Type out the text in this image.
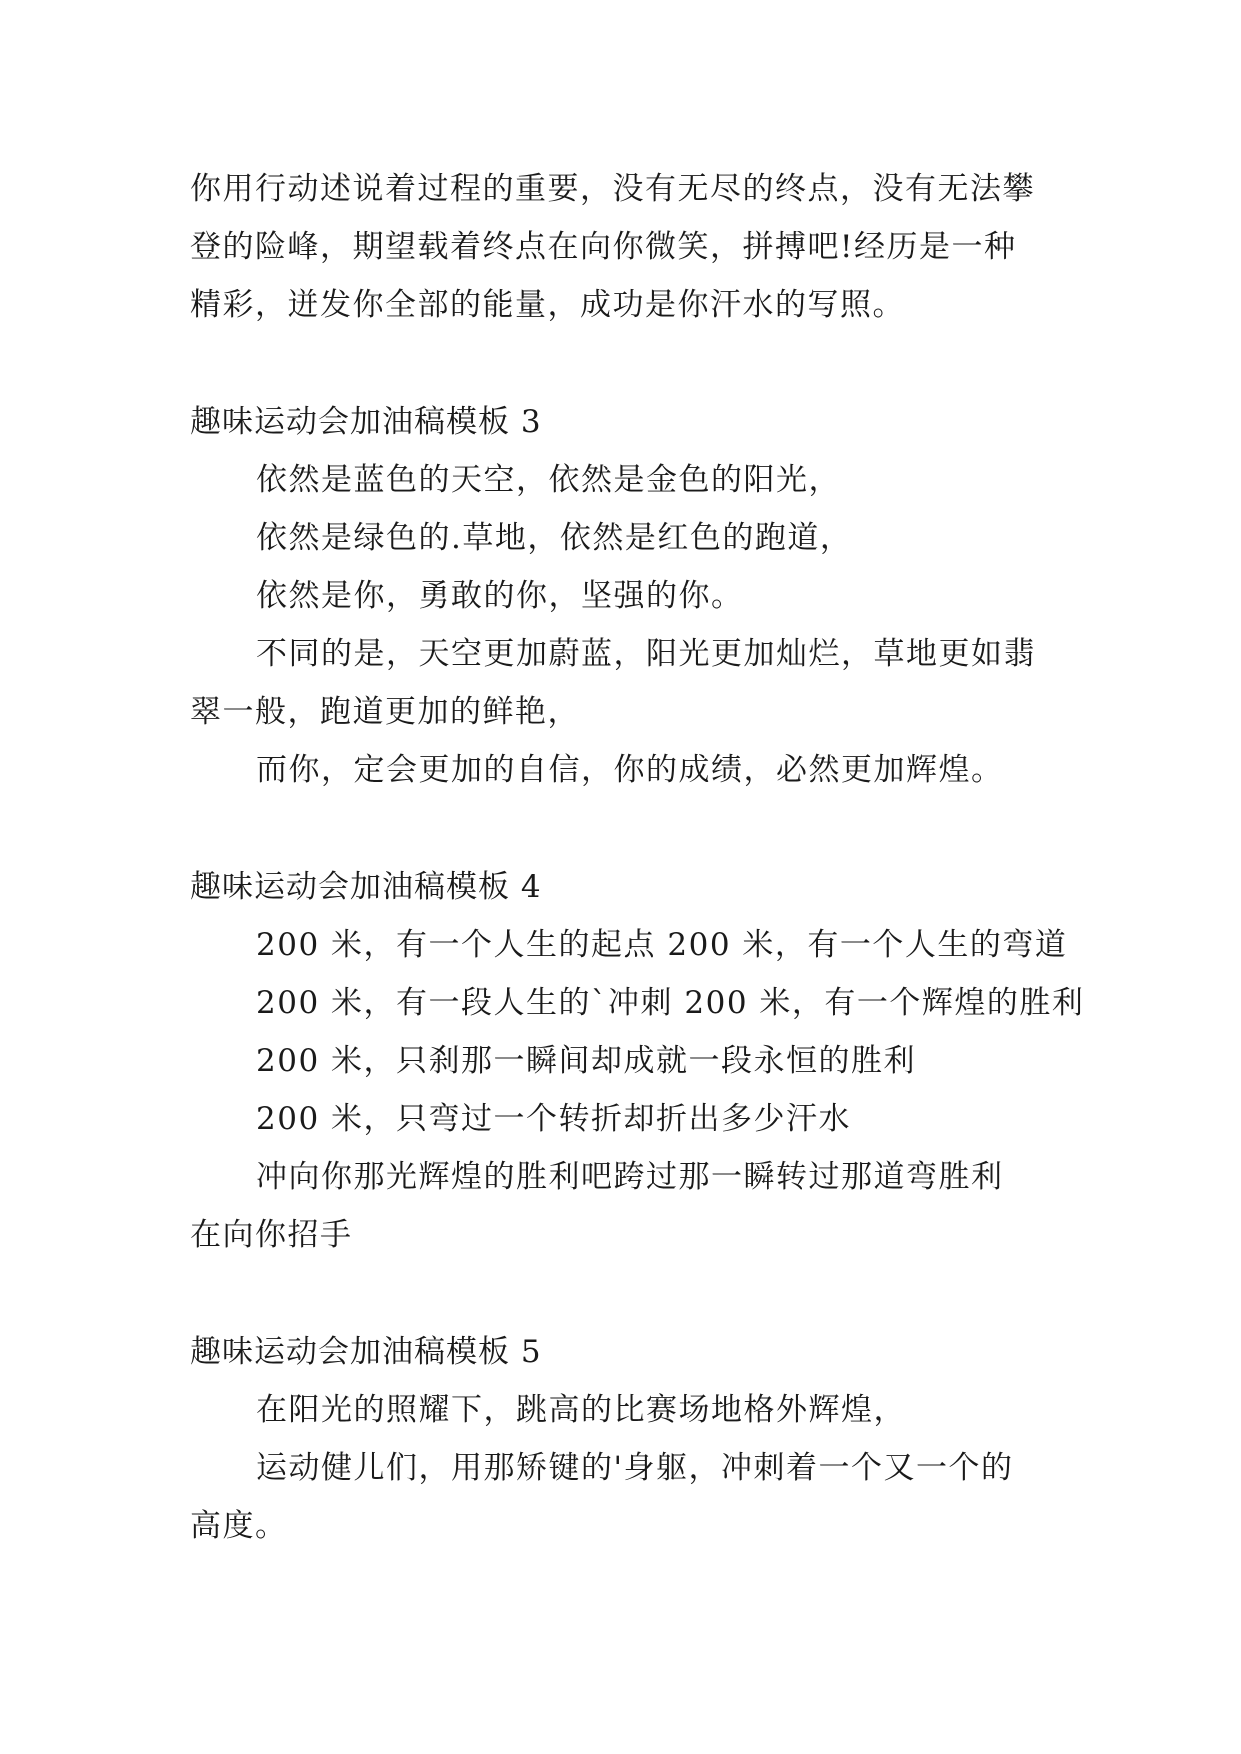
你用行动述说着过程的重要，没有无尽的终点，没有无法攀
登的险峰，期望载着终点在向你微笑，拼搏吧!经历是一种
精彩，迸发你全部的能量，成功是你汗水的写照。
趣味运动会加油稿模板 3
依然是蓝色的天空，依然是金色的阳光，
依然是绿色的.草地，依然是红色的跑道，
依然是你，勇敢的你，坚强的你。
不同的是，天空更加蔚蓝，阳光更加灿烂，草地更如翡
翠一般，跑道更加的鲜艳，
而你，定会更加的自信，你的成绩，必然更加辉煌。
趣味运动会加油稿模板 4
200 米，有一个人生的起点 200 米，有一个人生的弯道
200 米，有一段人生的`冲刺 200 米，有一个辉煌的胜利
200 米，只刹那一瞬间却成就一段永恒的胜利
200 米，只弯过一个转折却折出多少汗水
冲向你那光辉煌的胜利吧跨过那一瞬转过那道弯胜利
在向你招手
趣味运动会加油稿模板 5
在阳光的照耀下，跳高的比赛场地格外辉煌，
运动健儿们，用那矫键的'身躯，冲刺着一个又一个的
高度。
